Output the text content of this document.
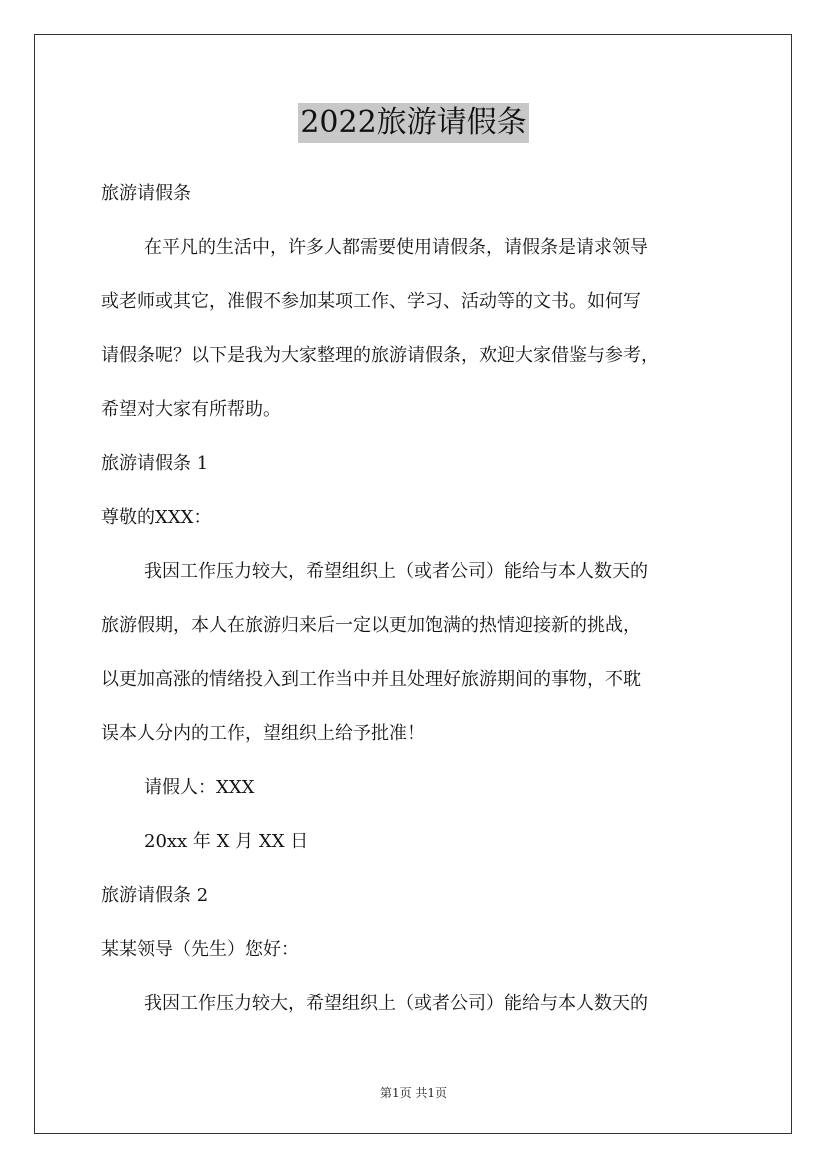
2022旅游请假条
旅游请假条
在平凡的生活中，许多人都需要使用请假条，请假条是请求领导
或老师或其它，准假不参加某项工作、学习、活动等的文书。如何写
请假条呢？以下是我为大家整理的旅游请假条，欢迎大家借鉴与参考，
希望对大家有所帮助。
旅游请假条 1
尊敬的XXX：
我因工作压力较大，希望组织上（或者公司）能给与本人数天的
旅游假期，本人在旅游归来后一定以更加饱满的热情迎接新的挑战，
以更加高涨的情绪投入到工作当中并且处理好旅游期间的事物，不耽
误本人分内的工作，望组织上给予批准！
请假人：XXX
20xx 年 X 月 XX 日
旅游请假条 2
某某领导（先生）您好：
我因工作压力较大，希望组织上（或者公司）能给与本人数天的
第1页 共1页
